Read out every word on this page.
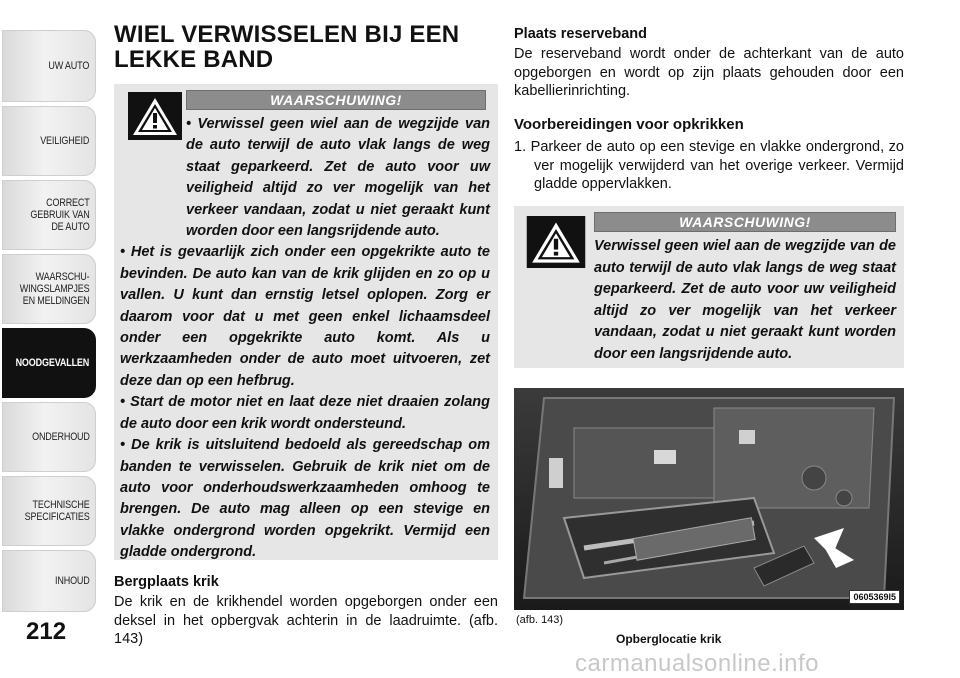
UW AUTO
VEILIGHEID
CORRECT
GEBRUIK VAN
DE AUTO
WAARSCHU-
WINGSLAMPJES
EN MELDINGEN
NOODGEVALLEN
ONDERHOUD
TECHNISCHE
SPECIFICATIES
INHOUD
212
WIEL VERWISSELEN BIJ EEN LEKKE BAND
WAARSCHUWING!

• Verwissel geen wiel aan de wegzijde van de auto terwijl de auto vlak langs de weg staat geparkeerd. Zet de auto voor uw veiligheid altijd zo ver mogelijk van het verkeer vandaan, zodat u niet geraakt kunt worden door een langsrijdende auto.

• Het is gevaarlijk zich onder een opgekrikte auto te bevinden. De auto kan van de krik glijden en zo op u vallen. U kunt dan ernstig letsel oplopen. Zorg er daarom voor dat u met geen enkel lichaamsdeel onder een opgekrikte auto komt. Als u werkzaamheden onder de auto moet uitvoeren, zet deze dan op een hefbrug.

• Start de motor niet en laat deze niet draaien zolang de auto door een krik wordt ondersteund.

• De krik is uitsluitend bedoeld als gereedschap om banden te verwisselen. Gebruik de krik niet om de auto voor onderhoudswerkzaamheden omhoog te brengen. De auto mag alleen op een stevige en vlakke ondergrond worden opgekrikt. Vermijd een gladde ondergrond.

Bergplaats krik
De krik en de krikhendel worden opgeborgen onder een deksel in het opbergvak achterin in de laadruimte. (afb. 143)
Plaats reserveband
De reserveband wordt onder de achterkant van de auto opgeborgen en wordt op zijn plaats gehouden door een kabellierinrichting.
Voorbereidingen voor opkrikken
1. Parkeer de auto op een stevige en vlakke ondergrond, zo ver mogelijk verwijderd van het overige verkeer. Vermijd gladde oppervlakken.
WAARSCHUWING!

Verwissel geen wiel aan de wegzijde van de auto terwijl de auto vlak langs de weg staat geparkeerd. Zet de auto voor uw veiligheid altijd zo ver mogelijk van het verkeer vandaan, zodat u niet geraakt kunt worden door een langsrijdende auto.

0605369l5
(afb. 143)
Opberglocatie krik
carmanualsonline.info
